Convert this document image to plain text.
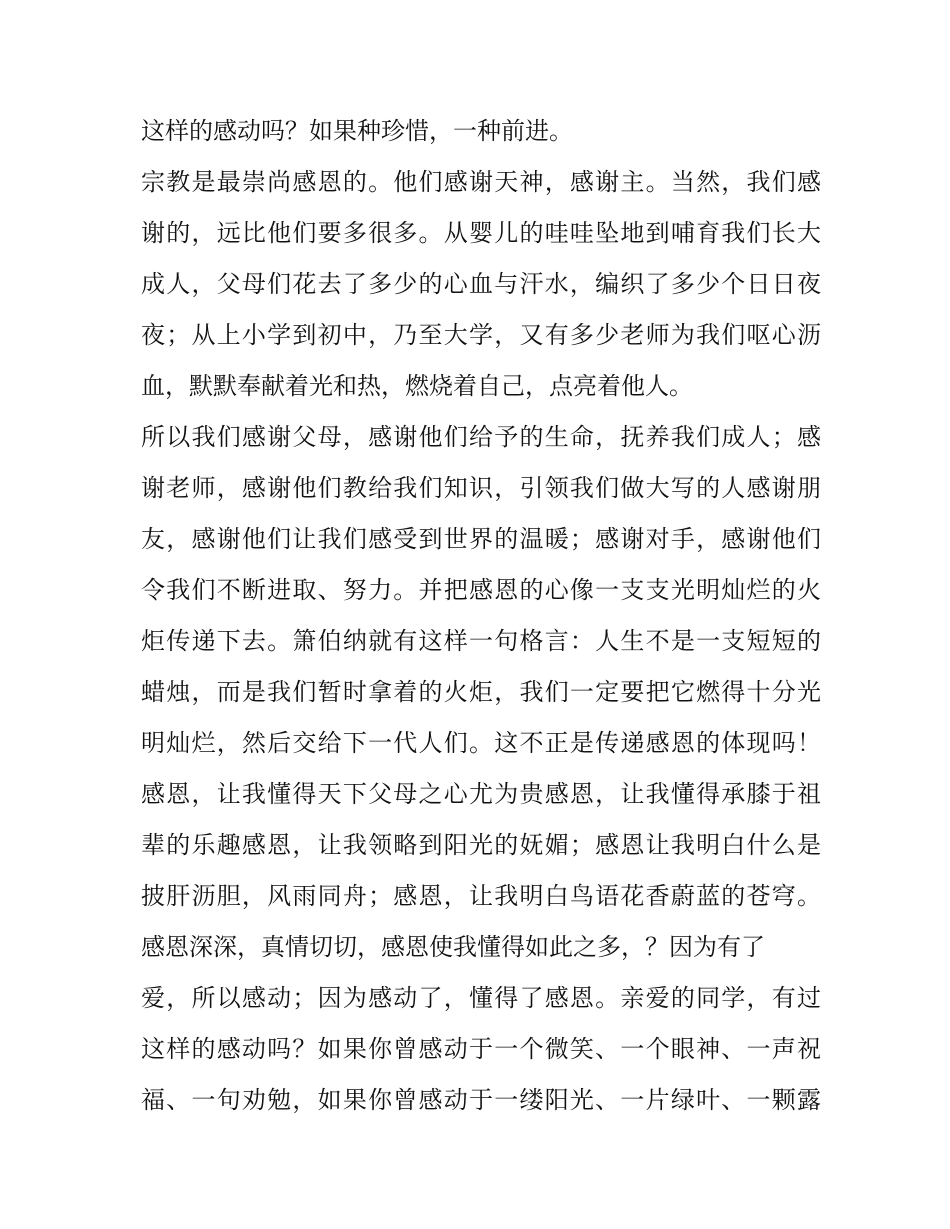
这样的感动吗？如果种珍惜，一种前进。
宗教是最崇尚感恩的。他们感谢天神，感谢主。当然，我们感
谢的，远比他们要多很多。从婴儿的哇哇坠地到哺育我们长大
成人，父母们花去了多少的心血与汗水，编织了多少个日日夜
夜；从上小学到初中，乃至大学，又有多少老师为我们呕心沥
血，默默奉献着光和热，燃烧着自己，点亮着他人。
所以我们感谢父母，感谢他们给予的生命，抚养我们成人；感
谢老师，感谢他们教给我们知识，引领我们做大写的人感谢朋
友，感谢他们让我们感受到世界的温暖；感谢对手，感谢他们
令我们不断进取、努力。并把感恩的心像一支支光明灿烂的火
炬传递下去。箫伯纳就有这样一句格言：人生不是一支短短的
蜡烛，而是我们暂时拿着的火炬，我们一定要把它燃得十分光
明灿烂，然后交给下一代人们。这不正是传递感恩的体现吗！
感恩，让我懂得天下父母之心尤为贵感恩，让我懂得承膝于祖
辈的乐趣感恩，让我领略到阳光的妩媚；感恩让我明白什么是
披肝沥胆，风雨同舟；感恩，让我明白鸟语花香蔚蓝的苍穹。
感恩深深，真情切切，感恩使我懂得如此之多，？因为有了
爱，所以感动；因为感动了，懂得了感恩。亲爱的同学，有过
这样的感动吗？如果你曾感动于一个微笑、一个眼神、一声祝
福、一句劝勉，如果你曾感动于一缕阳光、一片绿叶、一颗露
